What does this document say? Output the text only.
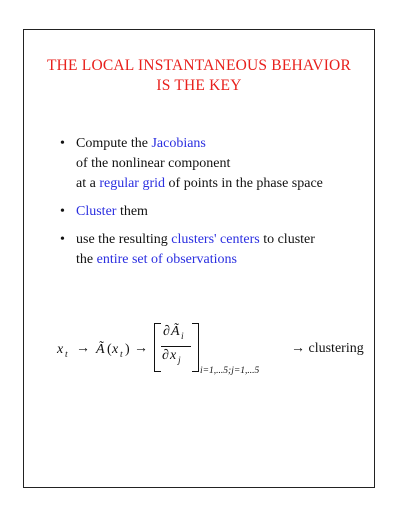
THE LOCAL INSTANTANEOUS BEHAVIOR
IS THE KEY
• Compute the Jacobians
of the nonlinear component
at a regular grid of points in the phase space
• Cluster them
• use the resulting clusters' centers to cluster
the entire set of observations
x t → Ã ( x t ) →
∂ Ã i
∂ x j
i=1,...5;j=1,...5
→ clustering
